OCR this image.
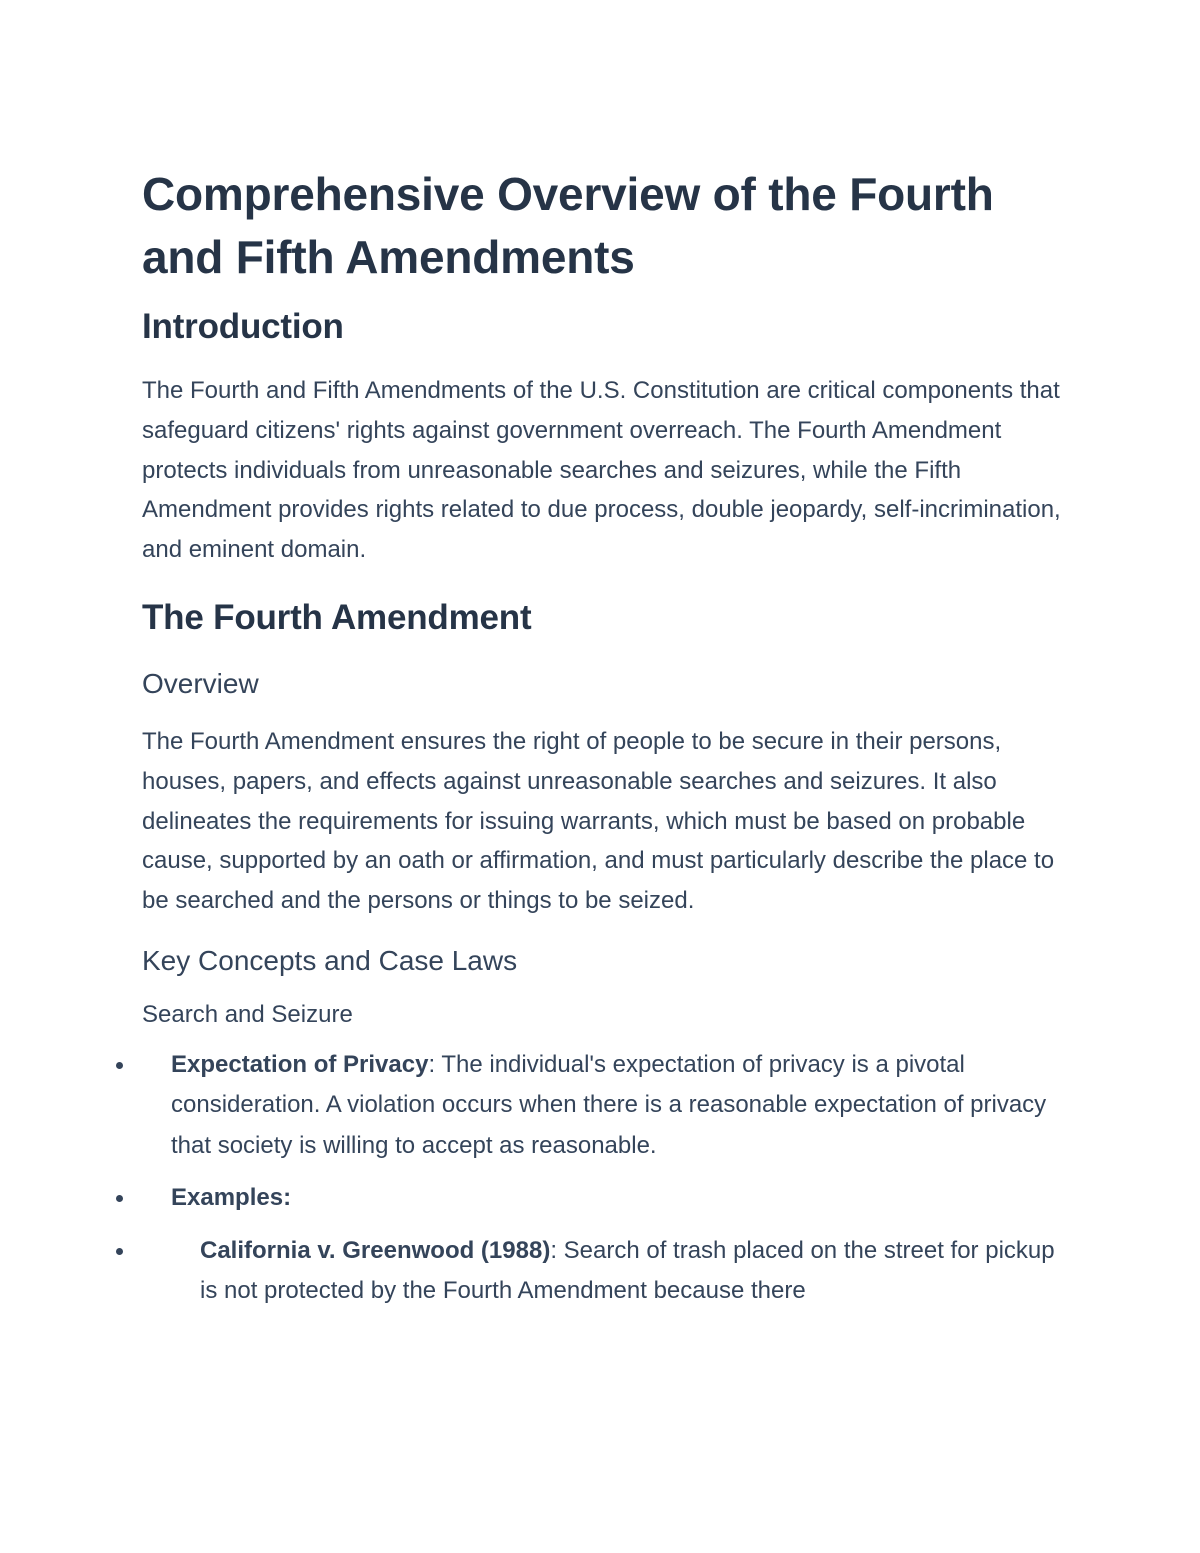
Comprehensive Overview of the Fourth and Fifth Amendments
Introduction

The Fourth and Fifth Amendments of the U.S. Constitution are critical components that safeguard citizens' rights against government overreach. The Fourth Amendment protects individuals from unreasonable searches and seizures, while the Fifth Amendment provides rights related to due process, double jeopardy, self-incrimination, and eminent domain.

The Fourth Amendment
Overview

The Fourth Amendment ensures the right of people to be secure in their persons, houses, papers, and effects against unreasonable searches and seizures. It also delineates the requirements for issuing warrants, which must be based on probable cause, supported by an oath or affirmation, and must particularly describe the place to be searched and the persons or things to be seized.

Key Concepts and Case Laws
Search and Seizure
Expectation of Privacy: The individual's expectation of privacy is a pivotal consideration. A violation occurs when there is a reasonable expectation of privacy that society is willing to accept as reasonable.
Examples:
California v. Greenwood (1988): Search of trash placed on the street for pickup is not protected by the Fourth Amendment because there
